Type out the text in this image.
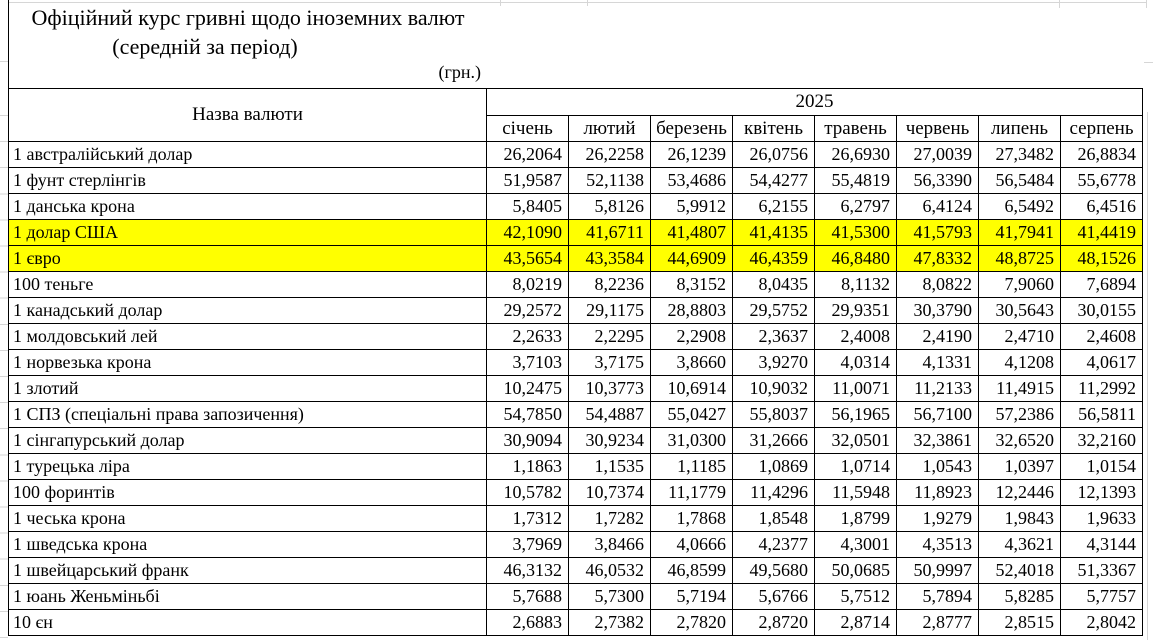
Офіційний курс гривні щодо іноземних валют
(середній за період)
(грн.)
Назва валюти	2025							
	січень	лютий	березень	квітень	травень	червень	липень	серпень
1 австралійський долар	26,2064	26,2258	26,1239	26,0756	26,6930	27,0039	27,3482	26,8834
1 фунт стерлінгів	51,9587	52,1138	53,4686	54,4277	55,4819	56,3390	56,5484	55,6778
1 данська крона	5,8405	5,8126	5,9912	6,2155	6,2797	6,4124	6,5492	6,4516
1 долар США	42,1090	41,6711	41,4807	41,4135	41,5300	41,5793	41,7941	41,4419
1 євро	43,5654	43,3584	44,6909	46,4359	46,8480	47,8332	48,8725	48,1526
100 теньге	8,0219	8,2236	8,3152	8,0435	8,1132	8,0822	7,9060	7,6894
1 канадський долар	29,2572	29,1175	28,8803	29,5752	29,9351	30,3790	30,5643	30,0155
1 молдовський лей	2,2633	2,2295	2,2908	2,3637	2,4008	2,4190	2,4710	2,4608
1 норвезька крона	3,7103	3,7175	3,8660	3,9270	4,0314	4,1331	4,1208	4,0617
1 злотий	10,2475	10,3773	10,6914	10,9032	11,0071	11,2133	11,4915	11,2992
1 СПЗ (спеціальні права запозичення)	54,7850	54,4887	55,0427	55,8037	56,1965	56,7100	57,2386	56,5811
1 сінгапурський долар	30,9094	30,9234	31,0300	31,2666	32,0501	32,3861	32,6520	32,2160
1 турецька ліра	1,1863	1,1535	1,1185	1,0869	1,0714	1,0543	1,0397	1,0154
100 форинтів	10,5782	10,7374	11,1779	11,4296	11,5948	11,8923	12,2446	12,1393
1 чеська крона	1,7312	1,7282	1,7868	1,8548	1,8799	1,9279	1,9843	1,9633
1 шведська крона	3,7969	3,8466	4,0666	4,2377	4,3001	4,3513	4,3621	4,3144
1 швейцарський франк	46,3132	46,0532	46,8599	49,5680	50,0685	50,9997	52,4018	51,3367
1 юань Женьміньбі	5,7688	5,7300	5,7194	5,6766	5,7512	5,7894	5,8285	5,7757
10 єн	2,6883	2,7382	2,7820	2,8720	2,8714	2,8777	2,8515	2,8042
